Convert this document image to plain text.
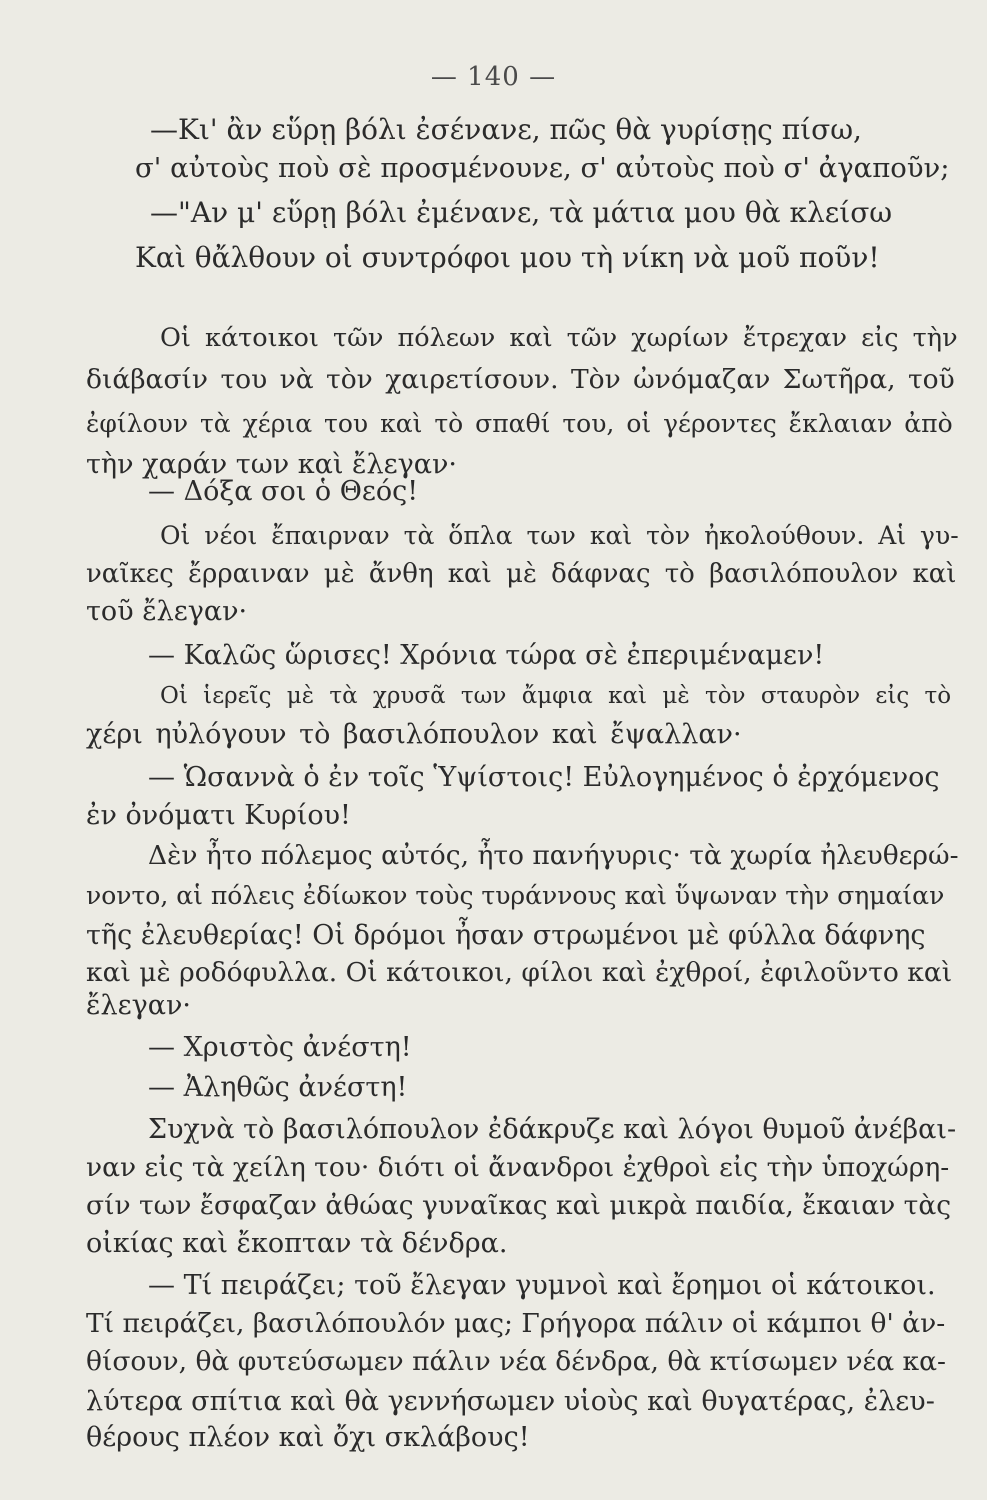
— 140 —
—Κι' ἂν εὕρῃ βόλι ἐσένανε, πῶς θὰ γυρίσῃς πίσω,
σ' αὐτοὺς ποὺ σὲ προσμένουνε, σ' αὐτοὺς ποὺ σ' ἀγαποῦν;
—"Αν μ' εὕρῃ βόλι ἐμένανε, τὰ μάτια μου θὰ κλείσω
Καὶ θἄλθουν οἱ συντρόφοι μου τὴ νίκη νὰ μοῦ ποῦν!
Οἱ κάτοικοι τῶν πόλεων καὶ τῶν χωρίων ἔτρεχαν εἰς τὴν
διάβασίν του νὰ τὸν χαιρετίσουν. Τὸν ὠνόμαζαν Σωτῆρα, τοῦ
ἐφίλουν τὰ χέρια του καὶ τὸ σπαθί του, οἱ γέροντες ἔκλαιαν ἀπὸ
τὴν χαράν των καὶ ἔλεγαν·
— Δόξα σοι ὁ Θεός!
Οἱ νέοι ἔπαιρναν τὰ ὅπλα των καὶ τὸν ἠκολούθουν. Αἱ γυ-
ναῖκες ἔρραιναν μὲ ἄνθη καὶ μὲ δάφνας τὸ βασιλόπουλον καὶ
τοῦ ἔλεγαν·
— Καλῶς ὥρισες! Χρόνια τώρα σὲ ἐπεριμέναμεν!
Οἱ ἱερεῖς μὲ τὰ χρυσᾶ των ἄμφια καὶ μὲ τὸν σταυρὸν εἰς τὸ
χέρι ηὐλόγουν τὸ βασιλόπουλον καὶ ἔψαλλαν·
— Ὡσαννὰ ὁ ἐν τοῖς Ὑψίστοις! Εὐλογημένος ὁ ἐρχόμενος
ἐν ὀνόματι Κυρίου!
Δὲν ἦτο πόλεμος αὐτός, ἦτο πανήγυρις· τὰ χωρία ἠλευθερώ-
νοντο, αἱ πόλεις ἐδίωκον τοὺς τυράννους καὶ ὕψωναν τὴν σημαίαν
τῆς ἐλευθερίας! Οἱ δρόμοι ἦσαν στρωμένοι μὲ φύλλα δάφνης
καὶ μὲ ροδόφυλλα. Οἱ κάτοικοι, φίλοι καὶ ἐχθροί, ἐφιλοῦντο καὶ
ἔλεγαν·
— Χριστὸς ἀνέστη!
— Ἀληθῶς ἀνέστη!
Συχνὰ τὸ βασιλόπουλον ἐδάκρυζε καὶ λόγοι θυμοῦ ἀνέβαι-
ναν εἰς τὰ χείλη του· διότι οἱ ἄνανδροι ἐχθροὶ εἰς τὴν ὑποχώρη-
σίν των ἔσφαζαν ἀθώας γυναῖκας καὶ μικρὰ παιδία, ἔκαιαν τὰς
οἰκίας καὶ ἔκοπταν τὰ δένδρα.
— Τί πειράζει; τοῦ ἔλεγαν γυμνοὶ καὶ ἔρημοι οἱ κάτοικοι.
Τί πειράζει, βασιλόπουλόν μας; Γρήγορα πάλιν οἱ κάμποι θ' ἀν-
θίσουν, θὰ φυτεύσωμεν πάλιν νέα δένδρα, θὰ κτίσωμεν νέα κα-
λύτερα σπίτια καὶ θὰ γεννήσωμεν υἱοὺς καὶ θυγατέρας, ἐλευ-
θέρους πλέον καὶ ὄχι σκλάβους!
